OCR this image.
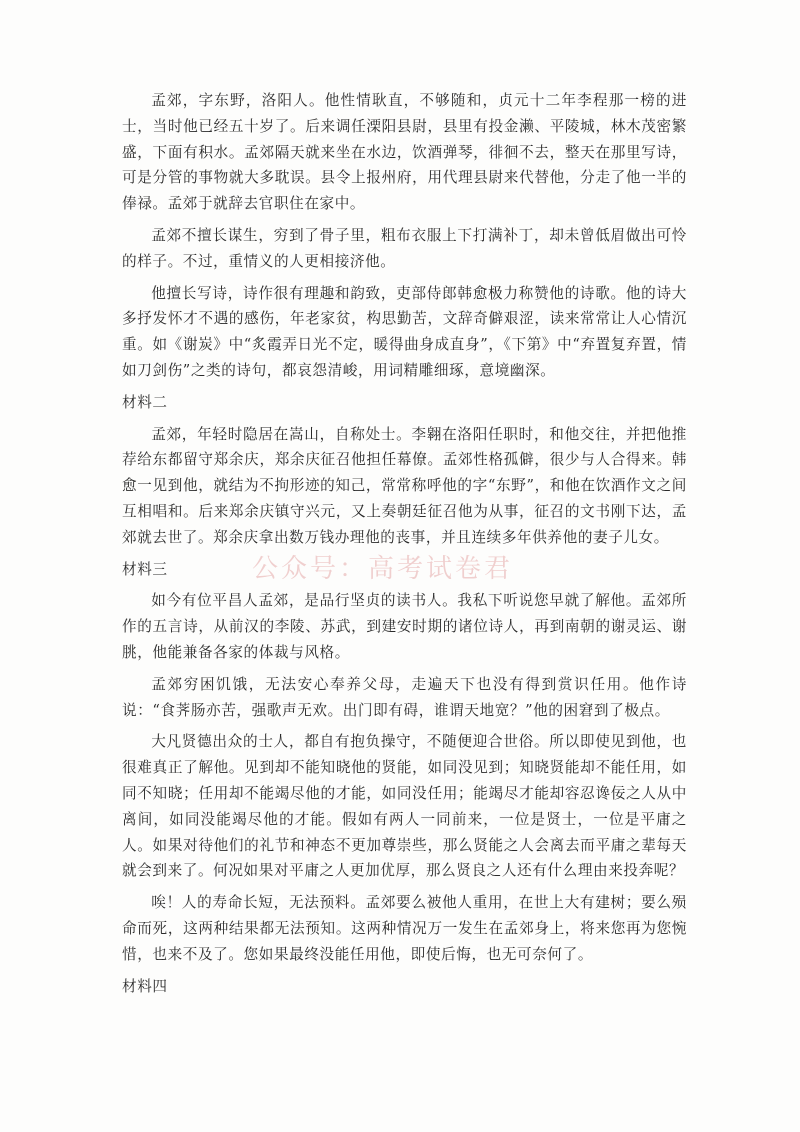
孟郊，字东野，洛阳人。他性情耿直，不够随和，贞元十二年李程那一榜的进士，当时他已经五十岁了。后来调任溧阳县尉，县里有投金濑、平陵城，林木茂密繁盛，下面有积水。孟郊隔天就来坐在水边，饮酒弹琴，徘徊不去，整天在那里写诗，可是分管的事物就大多耽误。县令上报州府，用代理县尉来代替他，分走了他一半的俸禄。孟郊于就辞去官职住在家中。

孟郊不擅长谋生，穷到了骨子里，粗布衣服上下打满补丁，却未曾低眉做出可怜的样子。不过，重情义的人更相接济他。

他擅长写诗，诗作很有理趣和韵致，吏部侍郎韩愈极力称赞他的诗歌。他的诗大多抒发怀才不遇的感伤，年老家贫，构思勤苦，文辞奇僻艰涩，读来常常让人心情沉重。如《谢炭》中“炙霞弄日光不定，暖得曲身成直身”，《下第》中“弃置复弃置，情如刀剑伤”之类的诗句，都哀怨清峻，用词精雕细琢，意境幽深。

材料二

孟郊，年轻时隐居在嵩山，自称处士。李翱在洛阳任职时，和他交往，并把他推荐给东都留守郑余庆，郑余庆征召他担任幕僚。孟郊性格孤僻，很少与人合得来。韩愈一见到他，就结为不拘形迹的知己，常常称呼他的字“东野”，和他在饮酒作文之间互相唱和。后来郑余庆镇守兴元，又上奏朝廷征召他为从事，征召的文书刚下达，孟郊就去世了。郑余庆拿出数万钱办理他的丧事，并且连续多年供养他的妻子儿女。

材料三

如今有位平昌人孟郊，是品行坚贞的读书人。我私下听说您早就了解他。孟郊所作的五言诗，从前汉的李陵、苏武，到建安时期的诸位诗人，再到南朝的谢灵运、谢朓，他能兼备各家的体裁与风格。

孟郊穷困饥饿，无法安心奉养父母，走遍天下也没有得到赏识任用。他作诗说：“食荠肠亦苦，强歌声无欢。出门即有碍，谁谓天地宽？”他的困窘到了极点。

大凡贤德出众的士人，都自有抱负操守，不随便迎合世俗。所以即使见到他，也很难真正了解他。见到却不能知晓他的贤能，如同没见到；知晓贤能却不能任用，如同不知晓；任用却不能竭尽他的才能，如同没任用；能竭尽才能却容忍谗佞之人从中离间，如同没能竭尽他的才能。假如有两人一同前来，一位是贤士，一位是平庸之人。如果对待他们的礼节和神态不更加尊崇些，那么贤能之人会离去而平庸之辈每天就会到来了。何况如果对平庸之人更加优厚，那么贤良之人还有什么理由来投奔呢？

唉！人的寿命长短，无法预料。孟郊要么被他人重用，在世上大有建树；要么殒命而死，这两种结果都无法预知。这两种情况万一发生在孟郊身上，将来您再为您惋惜，也来不及了。您如果最终没能任用他，即使后悔，也无可奈何了。

材料四

公众号：高考试卷君
